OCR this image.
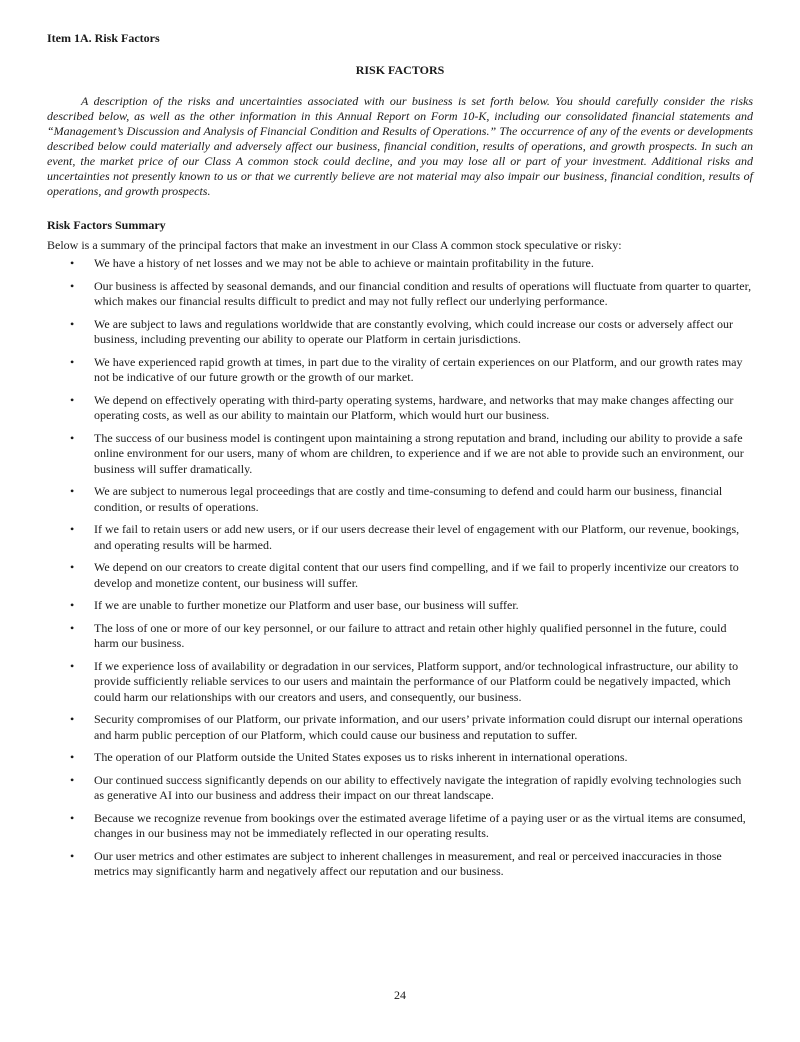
Item 1A. Risk Factors
RISK FACTORS

A description of the risks and uncertainties associated with our business is set forth below. You should carefully consider the risks described below, as well as the other information in this Annual Report on Form 10-K, including our consolidated financial statements and “Management’s Discussion and Analysis of Financial Condition and Results of Operations.” The occurrence of any of the events or developments described below could materially and adversely affect our business, financial condition, results of operations, and growth prospects. In such an event, the market price of our Class A common stock could decline, and you may lose all or part of your investment. Additional risks and uncertainties not presently known to us or that we currently believe are not material may also impair our business, financial condition, results of operations, and growth prospects.

Risk Factors Summary
Below is a summary of the principal factors that make an investment in our Class A common stock speculative or risky:
• We have a history of net losses and we may not be able to achieve or maintain profitability in the future.
• Our business is affected by seasonal demands, and our financial condition and results of operations will fluctuate from quarter to quarter, which makes our financial results difficult to predict and may not fully reflect our underlying performance.
• We are subject to laws and regulations worldwide that are constantly evolving, which could increase our costs or adversely affect our business, including preventing our ability to operate our Platform in certain jurisdictions.
• We have experienced rapid growth at times, in part due to the virality of certain experiences on our Platform, and our growth rates may not be indicative of our future growth or the growth of our market.
• We depend on effectively operating with third-party operating systems, hardware, and networks that may make changes affecting our operating costs, as well as our ability to maintain our Platform, which would hurt our business.
• The success of our business model is contingent upon maintaining a strong reputation and brand, including our ability to provide a safe online environment for our users, many of whom are children, to experience and if we are not able to provide such an environment, our business will suffer dramatically.
• We are subject to numerous legal proceedings that are costly and time-consuming to defend and could harm our business, financial condition, or results of operations.
• If we fail to retain users or add new users, or if our users decrease their level of engagement with our Platform, our revenue, bookings, and operating results will be harmed.
• We depend on our creators to create digital content that our users find compelling, and if we fail to properly incentivize our creators to develop and monetize content, our business will suffer.
• If we are unable to further monetize our Platform and user base, our business will suffer.
• The loss of one or more of our key personnel, or our failure to attract and retain other highly qualified personnel in the future, could harm our business.
• If we experience loss of availability or degradation in our services, Platform support, and/or technological infrastructure, our ability to provide sufficiently reliable services to our users and maintain the performance of our Platform could be negatively impacted, which could harm our relationships with our creators and users, and consequently, our business.
• Security compromises of our Platform, our private information, and our users’ private information could disrupt our internal operations and harm public perception of our Platform, which could cause our business and reputation to suffer.
• The operation of our Platform outside the United States exposes us to risks inherent in international operations.
• Our continued success significantly depends on our ability to effectively navigate the integration of rapidly evolving technologies such as generative AI into our business and address their impact on our threat landscape.
• Because we recognize revenue from bookings over the estimated average lifetime of a paying user or as the virtual items are consumed, changes in our business may not be immediately reflected in our operating results.
• Our user metrics and other estimates are subject to inherent challenges in measurement, and real or perceived inaccuracies in those metrics may significantly harm and negatively affect our reputation and our business.
24
